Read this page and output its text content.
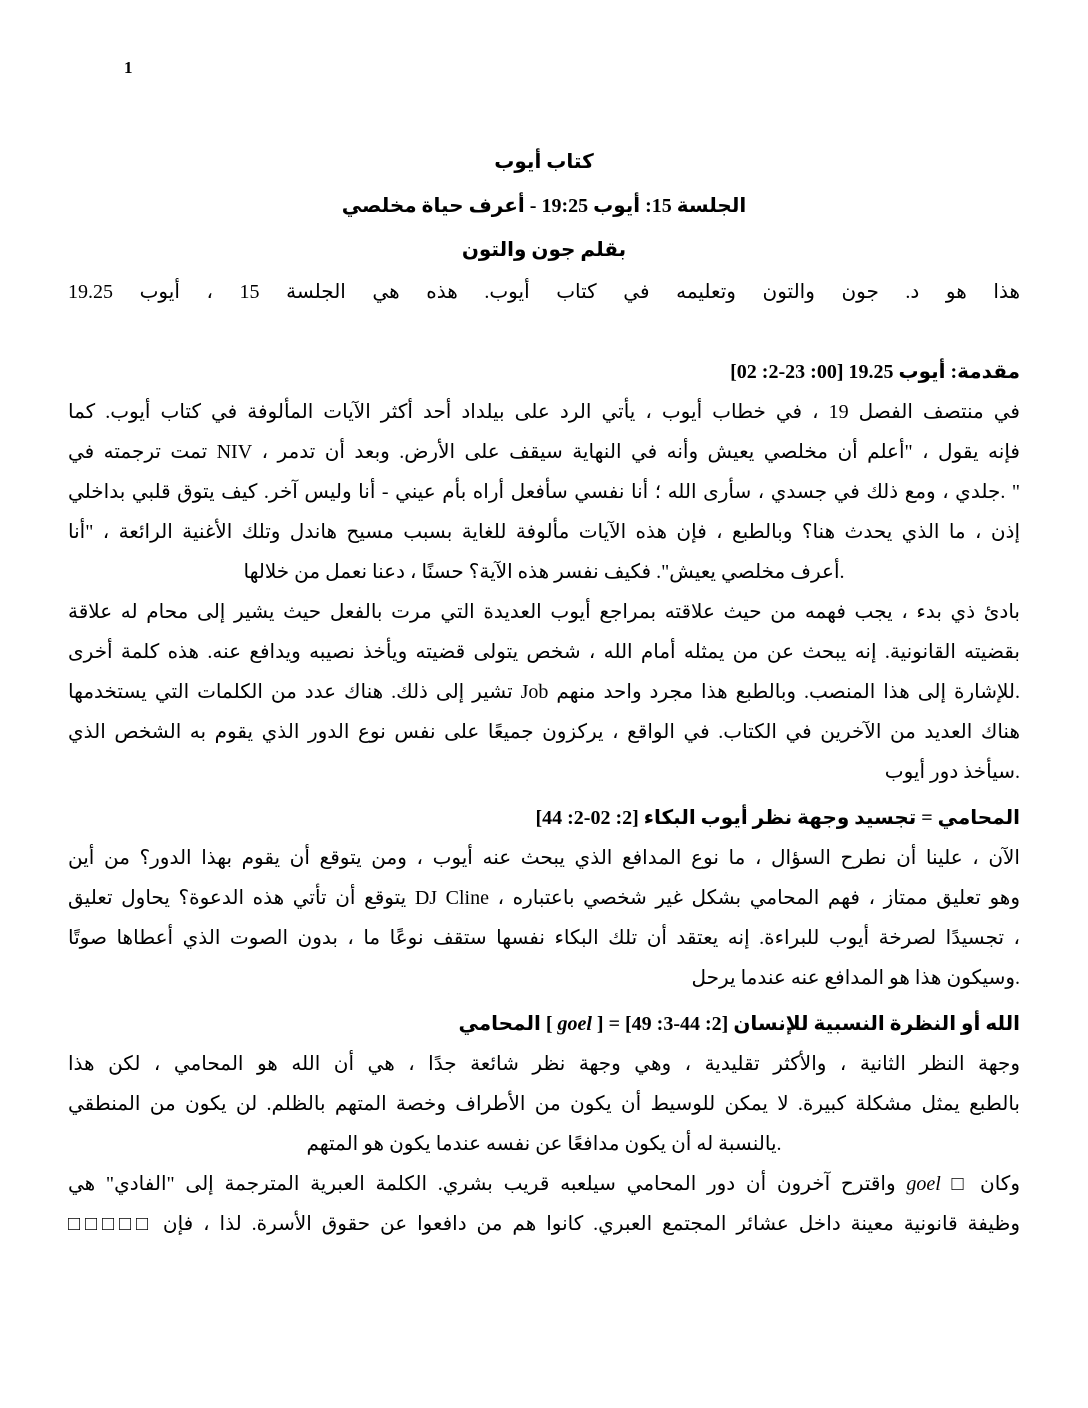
1
كتاب أيوب
الجلسة 15: أيوب 19:25 - أعرف حياة مخلصي
بقلم جون والتون
هذا هو د. جون والتون وتعليمه في كتاب أيوب. هذه هي الجلسة 15 ، أيوب 19.25
مقدمة: أيوب 19.25 [00: 23-2: 02]
في منتصف الفصل 19 ، في خطاب أيوب ، يأتي الرد على بيلداد أحد أكثر الآيات المألوفة في كتاب أيوب. كما
فإنه يقول ، "أعلم أن مخلصي يعيش وأنه في النهاية سيقف على الأرض. وبعد أن تدمر ، NIV تمت ترجمته في
" .جلدي ، ومع ذلك في جسدي ، سأرى الله ؛ أنا نفسي سأفعل أراه بأم عيني - أنا وليس آخر. كيف يتوق قلبي بداخلي
إذن ، ما الذي يحدث هنا؟ وبالطبع ، فإن هذه الآيات مألوفة للغاية بسبب مسيح هاندل وتلك الأغنية الرائعة ، "أنا
.أعرف مخلصي يعيش". فكيف نفسر هذه الآية؟ حسنًا ، دعنا نعمل من خلالها
بادئ ذي بدء ، يجب فهمه من حيث علاقته بمراجع أيوب العديدة التي مرت بالفعل حيث يشير إلى محام له علاقة
بقضيته القانونية. إنه يبحث عن من يمثله أمام الله ، شخص يتولى قضيته ويأخذ نصيبه ويدافع عنه. هذه كلمة أخرى
.للإشارة إلى هذا المنصب. وبالطبع هذا مجرد واحد منهم Job تشير إلى ذلك. هناك عدد من الكلمات التي يستخدمها
هناك العديد من الآخرين في الكتاب. في الواقع ، يركزون جميعًا على نفس نوع الدور الذي يقوم به الشخص الذي
.سيأخذ دور أيوب
المحامي = تجسيد وجهة نظر أيوب البكاء [2: 02-2: 44]
الآن ، علينا أن نطرح السؤال ، ما نوع المدافع الذي يبحث عنه أيوب ، ومن يتوقع أن يقوم بهذا الدور؟ من أين
وهو تعليق ممتاز ، فهم المحامي بشكل غير شخصي باعتباره ، DJ Cline يتوقع أن تأتي هذه الدعوة؟ يحاول تعليق
، تجسيدًا لصرخة أيوب للبراءة. إنه يعتقد أن تلك البكاء نفسها ستقف نوعًا ما ، بدون الصوت الذي أعطاها صوتًا
.وسيكون هذا هو المدافع عنه عندما يرحل
الله أو النظرة النسبية للإنسان [2: 44-3: 49] = [ goel ] المحامي
وجهة النظر الثانية ، والأكثر تقليدية ، وهي وجهة نظر شائعة جدًا ، هي أن الله هو المحامي ، لكن هذا
بالطبع يمثل مشكلة كبيرة. لا يمكن للوسيط أن يكون من الأطراف وخصة المتهم بالظلم. لن يكون من المنطقي
.يالنسبة له أن يكون مدافعًا عن نفسه عندما يكون هو المتهم
وكان □ goel واقترح آخرون أن دور المحامي سيلعبه قريب بشري. الكلمة العبرية المترجمة إلى "الفادي" هي
وظيفة قانونية معينة داخل عشائر المجتمع العبري. كانوا هم من دافعوا عن حقوق الأسرة. لذا ، فإن □□□□□
